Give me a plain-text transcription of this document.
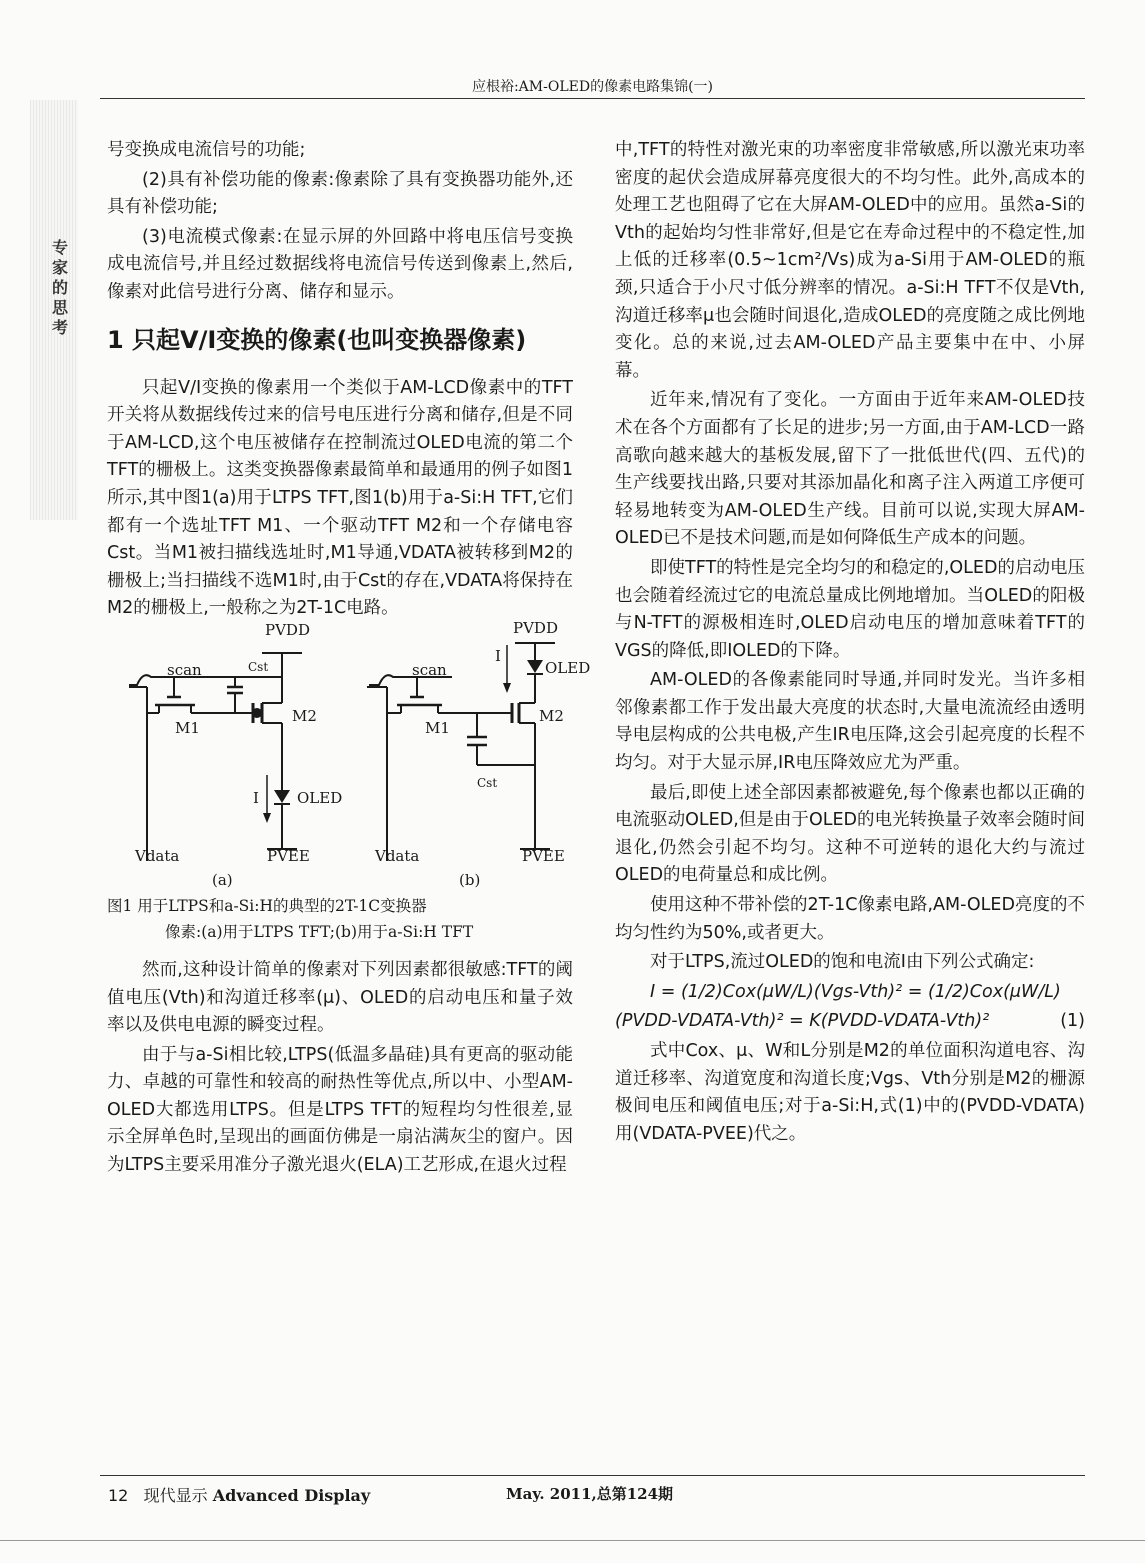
应根裕:AM-OLED的像素电路集锦(一)
专家的思考

号变换成电流信号的功能;

(2)具有补偿功能的像素:像素除了具有变换器功能外,还具有补偿功能;

(3)电流模式像素:在显示屏的外回路中将电压信号变换成电流信号,并且经过数据线将电流信号传送到像素上,然后,像素对此信号进行分离、储存和显示。

1 只起V/I变换的像素(也叫变换器像素)

只起V/I变换的像素用一个类似于AM-LCD像素中的TFT开关将从数据线传过来的信号电压进行分离和储存,但是不同于AM-LCD,这个电压被储存在控制流过OLED电流的第二个TFT的栅极上。这类变换器像素最简单和最通用的例子如图1所示,其中图1(a)用于LTPS TFT,图1(b)用于a-Si:H TFT,它们都有一个选址TFT M1、一个驱动TFT M2和一个存储电容Cst。当M1被扫描线选址时,M1导通,VDATA被转移到M2的栅极上;当扫描线不选M1时,由于Cst的存在,VDATA将保持在M2的栅极上,一般称之为2T-1C电路。

PVDD
scan	Cst
M1
M2
I	OLED
Vdata	PVEE
(a)
PVDD
scan
Cst
M1
M2
I
OLED
Vdata	PVEE
(b)

图1 用于LTPS和a-Si:H的典型的2T-1C变换器
像素:(a)用于LTPS TFT;(b)用于a-Si:H TFT

然而,这种设计简单的像素对下列因素都很敏感:TFT的阈值电压(Vth)和沟道迁移率(μ)、OLED的启动电压和量子效率以及供电电源的瞬变过程。

由于与a-Si相比较,LTPS(低温多晶硅)具有更高的驱动能力、卓越的可靠性和较高的耐热性等优点,所以中、小型AM-OLED大都选用LTPS。但是LTPS TFT的短程均匀性很差,显示全屏单色时,呈现出的画面仿佛是一扇沾满灰尘的窗户。因为LTPS主要采用准分子激光退火(ELA)工艺形成,在退火过程

中,TFT的特性对激光束的功率密度非常敏感,所以激光束功率密度的起伏会造成屏幕亮度很大的不均匀性。此外,高成本的处理工艺也阻碍了它在大屏AM-OLED中的应用。虽然a-Si的Vth的起始均匀性非常好,但是它在寿命过程中的不稳定性,加上低的迁移率(0.5~1cm²/Vs)成为a-Si用于AM-OLED的瓶颈,只适合于小尺寸低分辨率的情况。a-Si:H TFT不仅是Vth,沟道迁移率μ也会随时间退化,造成OLED的亮度随之成比例地变化。总的来说,过去AM-OLED产品主要集中在中、小屏幕。

近年来,情况有了变化。一方面由于近年来AM-OLED技术在各个方面都有了长足的进步;另一方面,由于AM-LCD一路高歌向越来越大的基板发展,留下了一批低世代(四、五代)的生产线要找出路,只要对其添加晶化和离子注入两道工序便可轻易地转变为AM-OLED生产线。目前可以说,实现大屏AM-OLED已不是技术问题,而是如何降低生产成本的问题。

即使TFT的特性是完全均匀的和稳定的,OLED的启动电压也会随着经流过它的电流总量成比例地增加。当OLED的阳极与N-TFT的源极相连时,OLED启动电压的增加意味着TFT的VGS的降低,即IOLED的下降。

AM-OLED的各像素能同时导通,并同时发光。当许多相邻像素都工作于发出最大亮度的状态时,大量电流流经由透明导电层构成的公共电极,产生IR电压降,这会引起亮度的长程不均匀。对于大显示屏,IR电压降效应尤为严重。

最后,即使上述全部因素都被避免,每个像素也都以正确的电流驱动OLED,但是由于OLED的电光转换量子效率会随时间退化,仍然会引起不均匀。这种不可逆转的退化大约与流过OLED的电荷量总和成比例。

使用这种不带补偿的2T-1C像素电路,AM-OLED亮度的不均匀性约为50%,或者更大。

对于LTPS,流过OLED的饱和电流I由下列公式确定:

I = (1/2)Cox(μW/L)(Vgs-Vth)² = (1/2)Cox(μW/L)

(1)
(PVDD-VDATA-Vth)² = K(PVDD-VDATA-Vth)²

式中Cox、μ、W和L分别是M2的单位面积沟道电容、沟道迁移率、沟道宽度和沟道长度;Vgs、Vth分别是M2的栅源极间电压和阈值电压;对于a-Si:H,式(1)中的(PVDD-VDATA)用(VDATA-PVEE)代之。

12 现代显示 Advanced Display	May. 2011,总第124期
